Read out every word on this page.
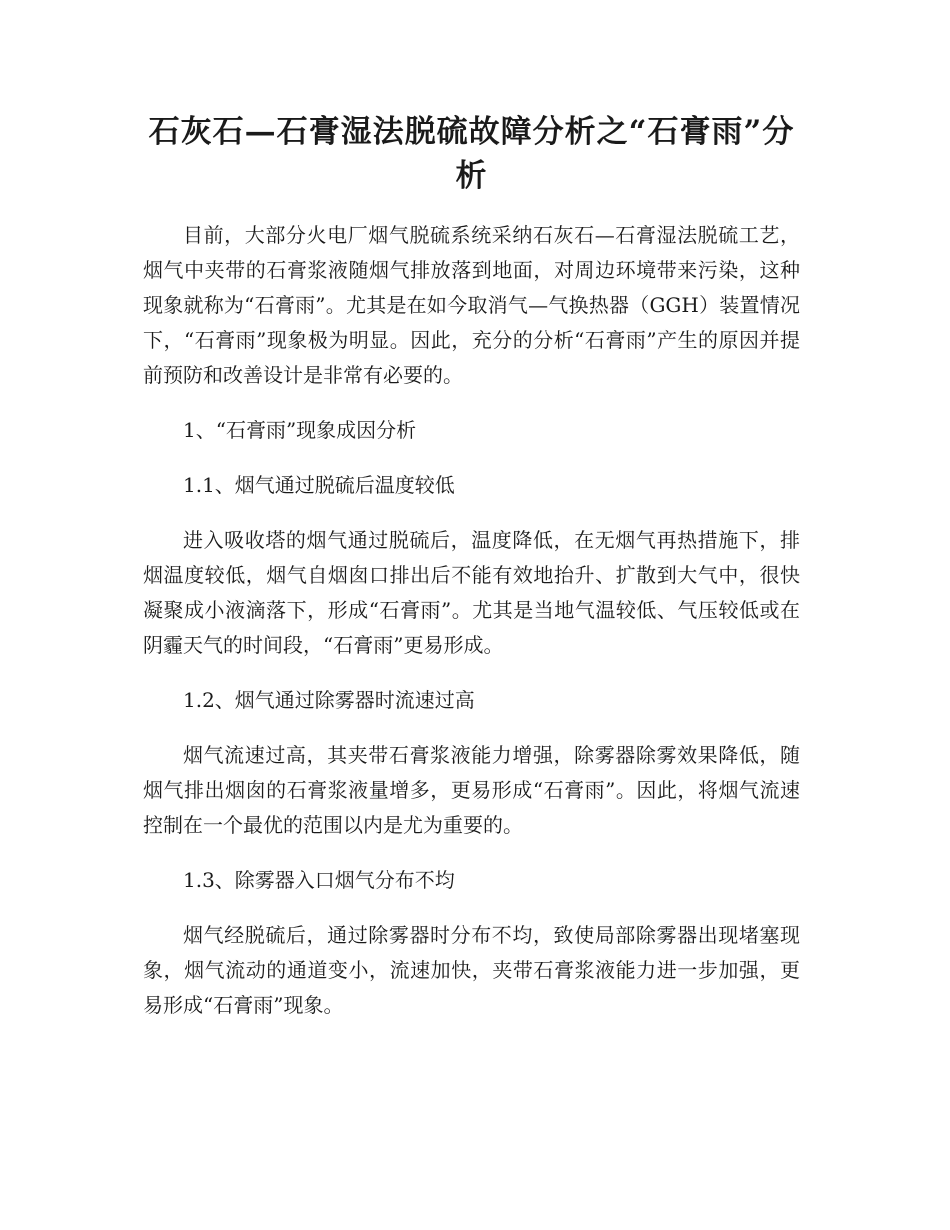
石灰石—石膏湿法脱硫故障分析之“石膏雨”分析

目前，大部分火电厂烟气脱硫系统采纳石灰石—石膏湿法脱硫工艺，烟气中夹带的石膏浆液随烟气排放落到地面，对周边环境带来污染，这种现象就称为“石膏雨”。尤其是在如今取消气—气换热器（GGH）装置情况下，“石膏雨”现象极为明显。因此，充分的分析“石膏雨”产生的原因并提前预防和改善设计是非常有必要的。

1、“石膏雨”现象成因分析

1.1、烟气通过脱硫后温度较低

进入吸收塔的烟气通过脱硫后，温度降低，在无烟气再热措施下，排烟温度较低，烟气自烟囱口排出后不能有效地抬升、扩散到大气中，很快凝聚成小液滴落下，形成“石膏雨”。尤其是当地气温较低、气压较低或在阴霾天气的时间段，“石膏雨”更易形成。

1.2、烟气通过除雾器时流速过高

烟气流速过高，其夹带石膏浆液能力增强，除雾器除雾效果降低，随烟气排出烟囱的石膏浆液量增多，更易形成“石膏雨”。因此，将烟气流速控制在一个最优的范围以内是尤为重要的。

1.3、除雾器入口烟气分布不均

烟气经脱硫后，通过除雾器时分布不均，致使局部除雾器出现堵塞现象，烟气流动的通道变小，流速加快，夹带石膏浆液能力进一步加强，更易形成“石膏雨”现象。
